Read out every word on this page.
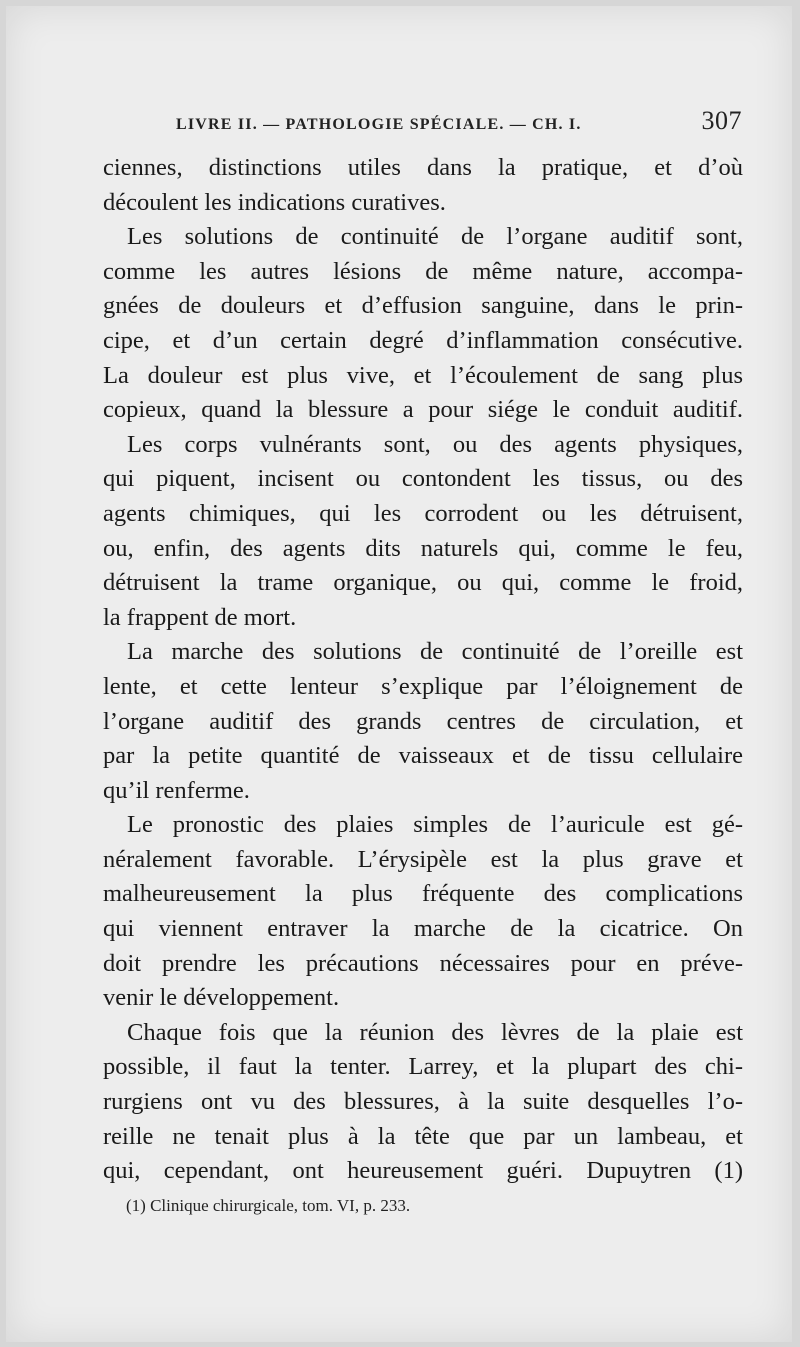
LIVRE II. — PATHOLOGIE SPÉCIALE. — CH. I.	307
ciennes, distinctions utiles dans la pratique, et d’où
découlent les indications curatives.
Les solutions de continuité de l’organe auditif sont,
comme les autres lésions de même nature, accompa-
gnées de douleurs et d’effusion sanguine, dans le prin-
cipe, et d’un certain degré d’inflammation consécutive.
La douleur est plus vive, et l’écoulement de sang plus
copieux, quand la blessure a pour siége le conduit auditif.
Les corps vulnérants sont, ou des agents physiques,
qui piquent, incisent ou contondent les tissus, ou des
agents chimiques, qui les corrodent ou les détruisent,
ou, enfin, des agents dits naturels qui, comme le feu,
détruisent la trame organique, ou qui, comme le froid,
la frappent de mort.
La marche des solutions de continuité de l’oreille est
lente, et cette lenteur s’explique par l’éloignement de
l’organe auditif des grands centres de circulation, et
par la petite quantité de vaisseaux et de tissu cellulaire
qu’il renferme.
Le pronostic des plaies simples de l’auricule est gé-
néralement favorable. L’érysipèle est la plus grave et
malheureusement la plus fréquente des complications
qui viennent entraver la marche de la cicatrice. On
doit prendre les précautions nécessaires pour en préve-
venir le développement.
Chaque fois que la réunion des lèvres de la plaie est
possible, il faut la tenter. Larrey, et la plupart des chi-
rurgiens ont vu des blessures, à la suite desquelles l’o-
reille ne tenait plus à la tête que par un lambeau, et
qui, cependant, ont heureusement guéri. Dupuytren (1)
(1) Clinique chirurgicale, tom. VI, p. 233.
